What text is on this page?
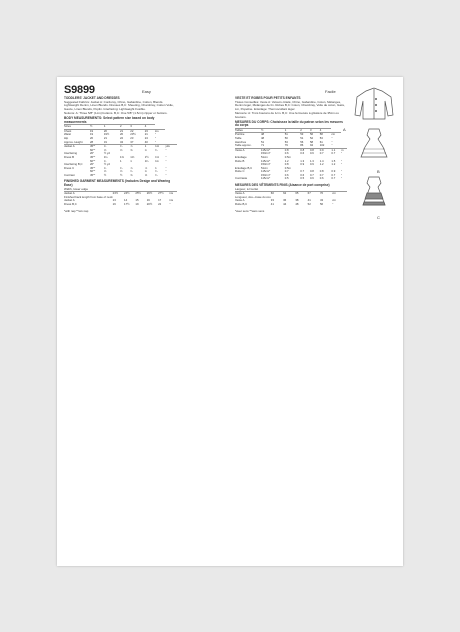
S9899	Easy	Facile
TODDLERS' JACKET AND DRESSES
Suggested Fabrics: Jacket A: Corduroy, Chino, Gabardine, Cotton, Blends. Lightweight Denim, Linen Blends. Dresses B,C: Sheeting, Chambray, Cotton Voile, Gauze, Linen Blends, Poplin. Interfacing: Lightweight Fusible.
Notions: A: Three 5/8" (1cm) buttons. B,C: One 5/8" (1.5cm) zipper or buttons.
BODY MEASUREMENTS: Select pattern size based on body measurements
Sizes	½	1	2	3	4		
Chest	19	20	21	22	23	ins	
Waist	19	19½	20	20½	21	"	
Hip	20	21	22	23	24	"	
Approx. Height	28	31	34	37	40	"	
Jacket A	45"*	¾	¾	⅞	1	1⅛	yds
	60"*	⅝	⅝	⅝	¾	¾	"
Interfacing	20"	½ yd					
Dress B	45"*	1¼	1⅜	1⅜	1½	1⅝	"
	60"*	¾	1	1	1¼	1¼	"
Interfacing B,C	20"	½ yd					
Dress C	45"*	¾	¾	⅞	⅞	1	"
	60"*	⅝	⅝	¾	¾	¾	"
Contrast	45"*	½	½	⅝	⅝	¾	"
FINISHED GARMENT MEASUREMENTS (Includes Design and Wearing Ease)
Width, lower edge
Jacket A	23½	24½	25½	26½	27½	ins
Finished back length from base of neck						
Jacket A	13	14	15	16	17	ins
Dress B,C	16	17½	19	20½	22	"
*with nap **w/o nap
VESTE ET ROBES POUR PETITS ENFANTS
Tissus Conseillés: Veste A: Velours côtelé, Chino, Gabardine, Coton, Mélanges, Denim léger, Mélanges de lin. Robes B,C: Coton, Chambray, Voile de coton, Gaze, Lin, Popeline. Entoilage: Thermocollant léger.
Mercerie: A: Trois boutons de 1cm. B,C: Une fermeture à glissière de 35cm ou boutons.
MESURES DU CORPS: Choisissez la taille du patron selon les mesures du corps
Tailles	½	1	2	3	4		
Poitrine	48	51	53	56	58	cm	
Taille	48	50	51	52	53	"	
Hanches	51	53	56	58	61	"	
Taille approx.	71	79	86	94	102	"	
Veste A	115cm*	0.8	0.8	0.8	0.9	1.1	m
	150cm*	0.6	0.6	0.6	0.7	0.7	"
Entoilage	51cm	0.5m					
Robe B	115cm*	1.2	1.3	1.3	1.4	1.5	"
	150cm*	0.8	0.9	0.9	1.2	1.2	"
Entoilage B,C	51cm	0.5m					
Robe C	115cm*	0.7	0.7	0.8	0.8	0.9	"
	150cm*	0.6	0.6	0.7	0.7	0.7	"
Contraste	115cm*	0.5	0.5	0.6	0.6	0.7	"
MESURES DES VÊTEMENTS FINIS (Aisance de port comprise)
Largeur, à l'ourlet
Veste A	60	62	65	67	70	cm
Longueur, dos—base du cou						
Veste A	33	36	38	41	43	cm
Robe B,C	41	44	48	52	56	"
*avec sens **sans sens
A
B
C
